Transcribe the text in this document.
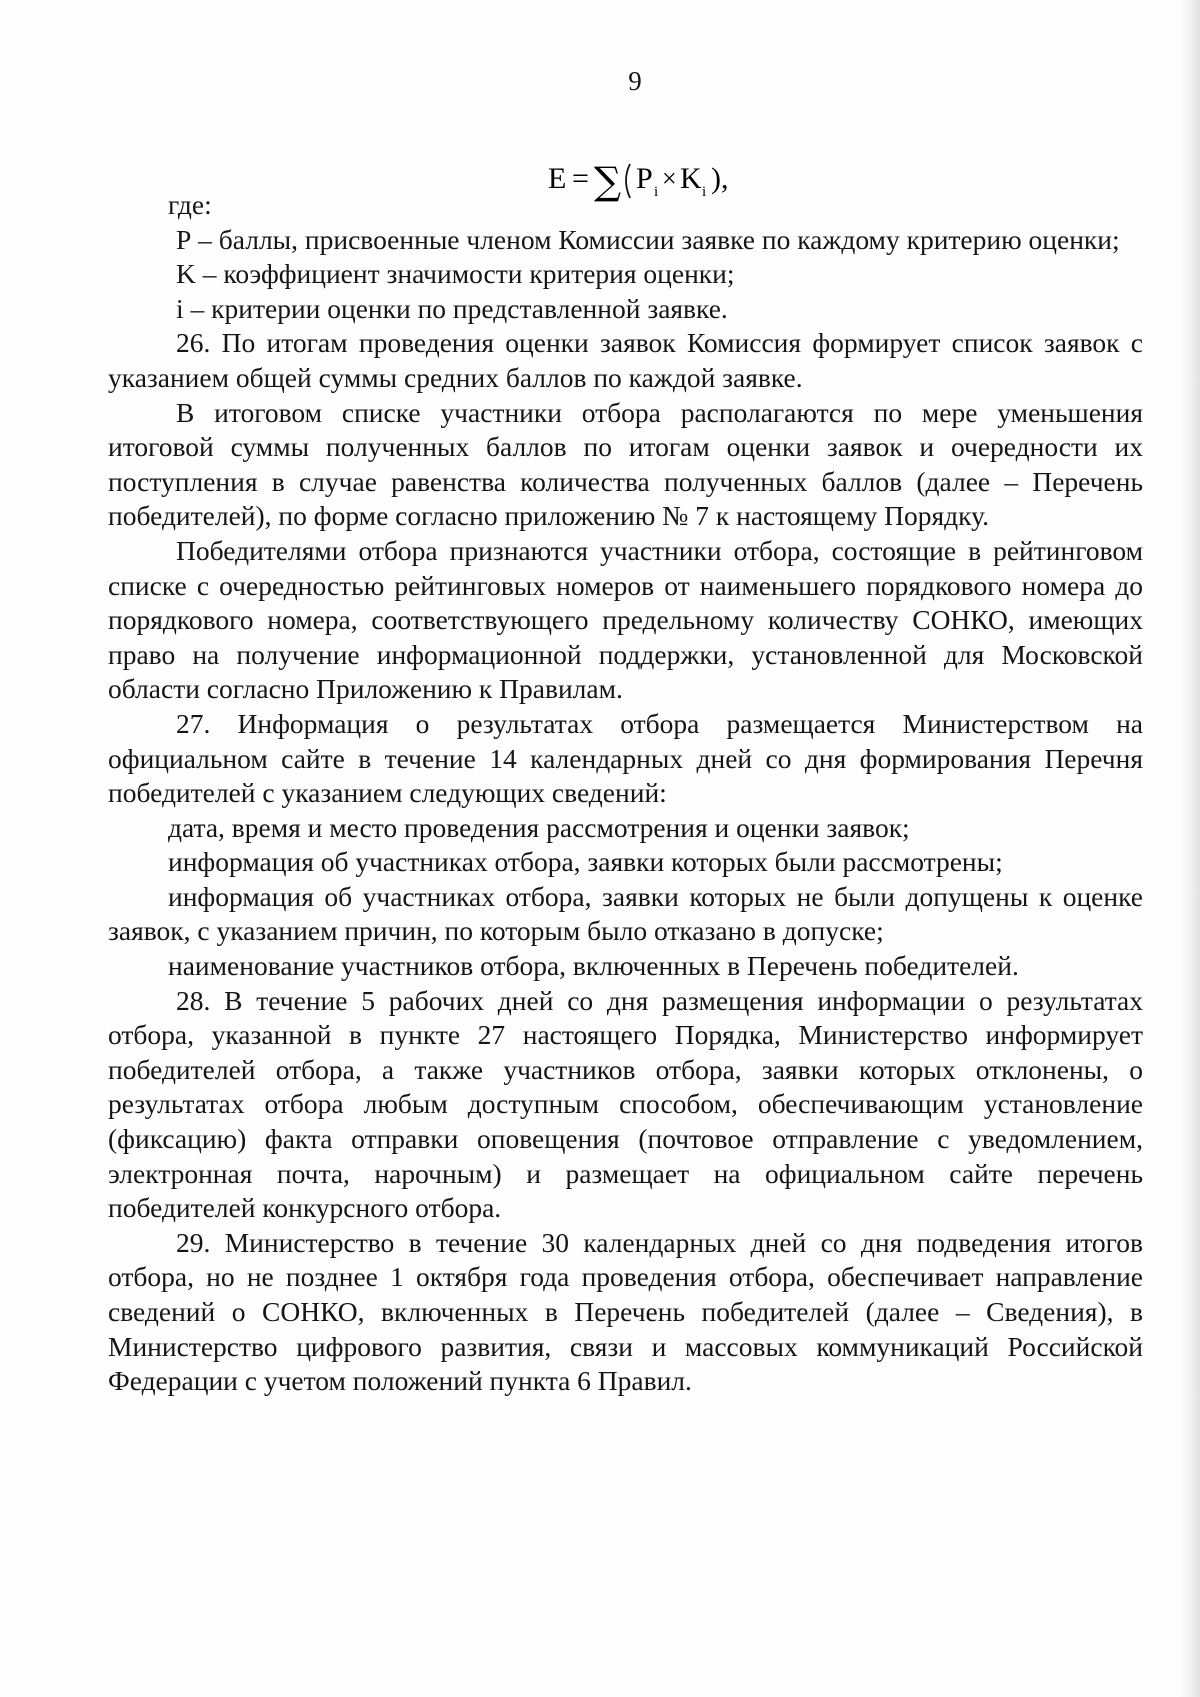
9
E = ∑ P i × K i ),

где:

Р – баллы, присвоенные членом Комиссии заявке по каждому критерию оценки;

K – коэффициент значимости критерия оценки;

i – критерии оценки по представленной заявке.

26. По итогам проведения оценки заявок Комиссия формирует список заявок с указанием общей суммы средних баллов по каждой заявке.

В итоговом списке участники отбора располагаются по мере уменьшения итоговой суммы полученных баллов по итогам оценки заявок и очередности их поступления в случае равенства количества полученных баллов (далее – Перечень победителей), по форме согласно приложению № 7 к настоящему Порядку.

Победителями отбора признаются участники отбора, состоящие в рейтинговом списке с очередностью рейтинговых номеров от наименьшего порядкового номера до порядкового номера, соответствующего предельному количеству СОНКО, имеющих право на получение информационной поддержки, установленной для Московской области согласно Приложению к Правилам.

27. Информация о результатах отбора размещается Министерством на официальном сайте в течение 14 календарных дней со дня формирования Перечня победителей с указанием следующих сведений:

дата, время и место проведения рассмотрения и оценки заявок;

информация об участниках отбора, заявки которых были рассмотрены;

информация об участниках отбора, заявки которых не были допущены к оценке заявок, с указанием причин, по которым было отказано в допуске;

наименование участников отбора, включенных в Перечень победителей.

28. В течение 5 рабочих дней со дня размещения информации о результатах отбора, указанной в пункте 27 настоящего Порядка, Министерство информирует победителей отбора, а также участников отбора, заявки которых отклонены, о результатах отбора любым доступным способом, обеспечивающим установление (фиксацию) факта отправки оповещения (почтовое отправление с уведомлением, электронная почта, нарочным) и размещает на официальном сайте перечень победителей конкурсного отбора.

29. Министерство в течение 30 календарных дней со дня подведения итогов отбора, но не позднее 1 октября года проведения отбора, обеспечивает направление сведений о СОНКО, включенных в Перечень победителей (далее – Сведения), в Министерство цифрового развития, связи и массовых коммуникаций Российской Федерации с учетом положений пункта 6 Правил.
